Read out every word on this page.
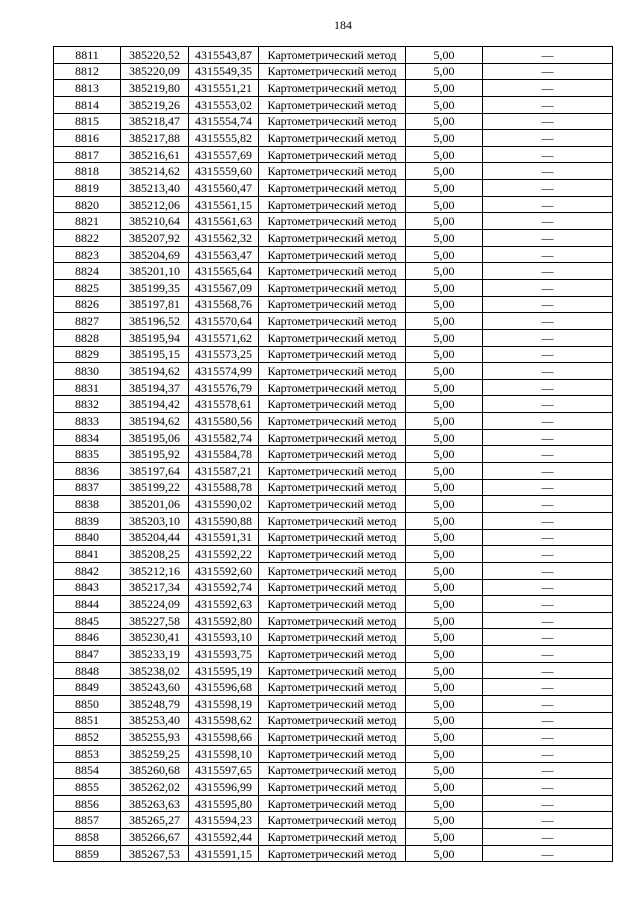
184
8811	385220,52	4315543,87	Картометрический метод	5,00	—
8812	385220,09	4315549,35	Картометрический метод	5,00	—
8813	385219,80	4315551,21	Картометрический метод	5,00	—
8814	385219,26	4315553,02	Картометрический метод	5,00	—
8815	385218,47	4315554,74	Картометрический метод	5,00	—
8816	385217,88	4315555,82	Картометрический метод	5,00	—
8817	385216,61	4315557,69	Картометрический метод	5,00	—
8818	385214,62	4315559,60	Картометрический метод	5,00	—
8819	385213,40	4315560,47	Картометрический метод	5,00	—
8820	385212,06	4315561,15	Картометрический метод	5,00	—
8821	385210,64	4315561,63	Картометрический метод	5,00	—
8822	385207,92	4315562,32	Картометрический метод	5,00	—
8823	385204,69	4315563,47	Картометрический метод	5,00	—
8824	385201,10	4315565,64	Картометрический метод	5,00	—
8825	385199,35	4315567,09	Картометрический метод	5,00	—
8826	385197,81	4315568,76	Картометрический метод	5,00	—
8827	385196,52	4315570,64	Картометрический метод	5,00	—
8828	385195,94	4315571,62	Картометрический метод	5,00	—
8829	385195,15	4315573,25	Картометрический метод	5,00	—
8830	385194,62	4315574,99	Картометрический метод	5,00	—
8831	385194,37	4315576,79	Картометрический метод	5,00	—
8832	385194,42	4315578,61	Картометрический метод	5,00	—
8833	385194,62	4315580,56	Картометрический метод	5,00	—
8834	385195,06	4315582,74	Картометрический метод	5,00	—
8835	385195,92	4315584,78	Картометрический метод	5,00	—
8836	385197,64	4315587,21	Картометрический метод	5,00	—
8837	385199,22	4315588,78	Картометрический метод	5,00	—
8838	385201,06	4315590,02	Картометрический метод	5,00	—
8839	385203,10	4315590,88	Картометрический метод	5,00	—
8840	385204,44	4315591,31	Картометрический метод	5,00	—
8841	385208,25	4315592,22	Картометрический метод	5,00	—
8842	385212,16	4315592,60	Картометрический метод	5,00	—
8843	385217,34	4315592,74	Картометрический метод	5,00	—
8844	385224,09	4315592,63	Картометрический метод	5,00	—
8845	385227,58	4315592,80	Картометрический метод	5,00	—
8846	385230,41	4315593,10	Картометрический метод	5,00	—
8847	385233,19	4315593,75	Картометрический метод	5,00	—
8848	385238,02	4315595,19	Картометрический метод	5,00	—
8849	385243,60	4315596,68	Картометрический метод	5,00	—
8850	385248,79	4315598,19	Картометрический метод	5,00	—
8851	385253,40	4315598,62	Картометрический метод	5,00	—
8852	385255,93	4315598,66	Картометрический метод	5,00	—
8853	385259,25	4315598,10	Картометрический метод	5,00	—
8854	385260,68	4315597,65	Картометрический метод	5,00	—
8855	385262,02	4315596,99	Картометрический метод	5,00	—
8856	385263,63	4315595,80	Картометрический метод	5,00	—
8857	385265,27	4315594,23	Картометрический метод	5,00	—
8858	385266,67	4315592,44	Картометрический метод	5,00	—
8859	385267,53	4315591,15	Картометрический метод	5,00	—
